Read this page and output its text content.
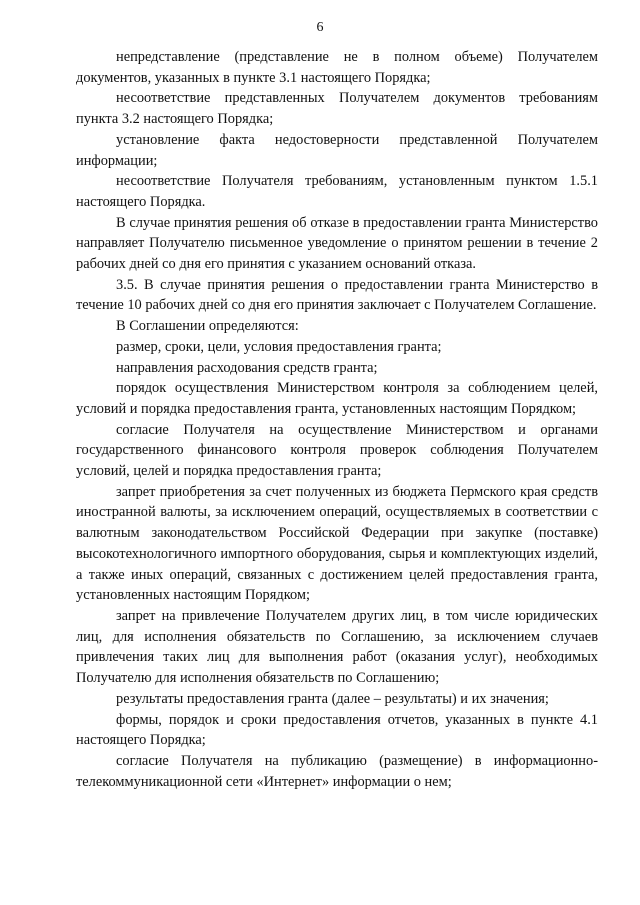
6

непредставление (представление не в полном объеме) Получателем документов, указанных в пункте 3.1 настоящего Порядка;

несоответствие представленных Получателем документов требованиям пункта 3.2 настоящего Порядка;

установление факта недостоверности представленной Получателем информации;

несоответствие Получателя требованиям, установленным пунктом 1.5.1 настоящего Порядка.

В случае принятия решения об отказе в предоставлении гранта Министерство направляет Получателю письменное уведомление о принятом решении в течение 2 рабочих дней со дня его принятия с указанием оснований отказа.

3.5. В случае принятия решения о предоставлении гранта Министерство в течение 10 рабочих дней со дня его принятия заключает с Получателем Соглашение.

В Соглашении определяются:

размер, сроки, цели, условия предоставления гранта;

направления расходования средств гранта;

порядок осуществления Министерством контроля за соблюдением целей, условий и порядка предоставления гранта, установленных настоящим Порядком;

согласие Получателя на осуществление Министерством и органами государственного финансового контроля проверок соблюдения Получателем условий, целей и порядка предоставления гранта;

запрет приобретения за счет полученных из бюджета Пермского края средств иностранной валюты, за исключением операций, осуществляемых в соответствии с валютным законодательством Российской Федерации при закупке (поставке) высокотехнологичного импортного оборудования, сырья и комплектующих изделий, а также иных операций, связанных с достижением целей предоставления гранта, установленных настоящим Порядком;

запрет на привлечение Получателем других лиц, в том числе юридических лиц, для исполнения обязательств по Соглашению, за исключением случаев привлечения таких лиц для выполнения работ (оказания услуг), необходимых Получателю для исполнения обязательств по Соглашению;

результаты предоставления гранта (далее – результаты) и их значения;

формы, порядок и сроки предоставления отчетов, указанных в пункте 4.1 настоящего Порядка;

согласие Получателя на публикацию (размещение) в информационно-телекоммуникационной сети «Интернет» информации о нем;
